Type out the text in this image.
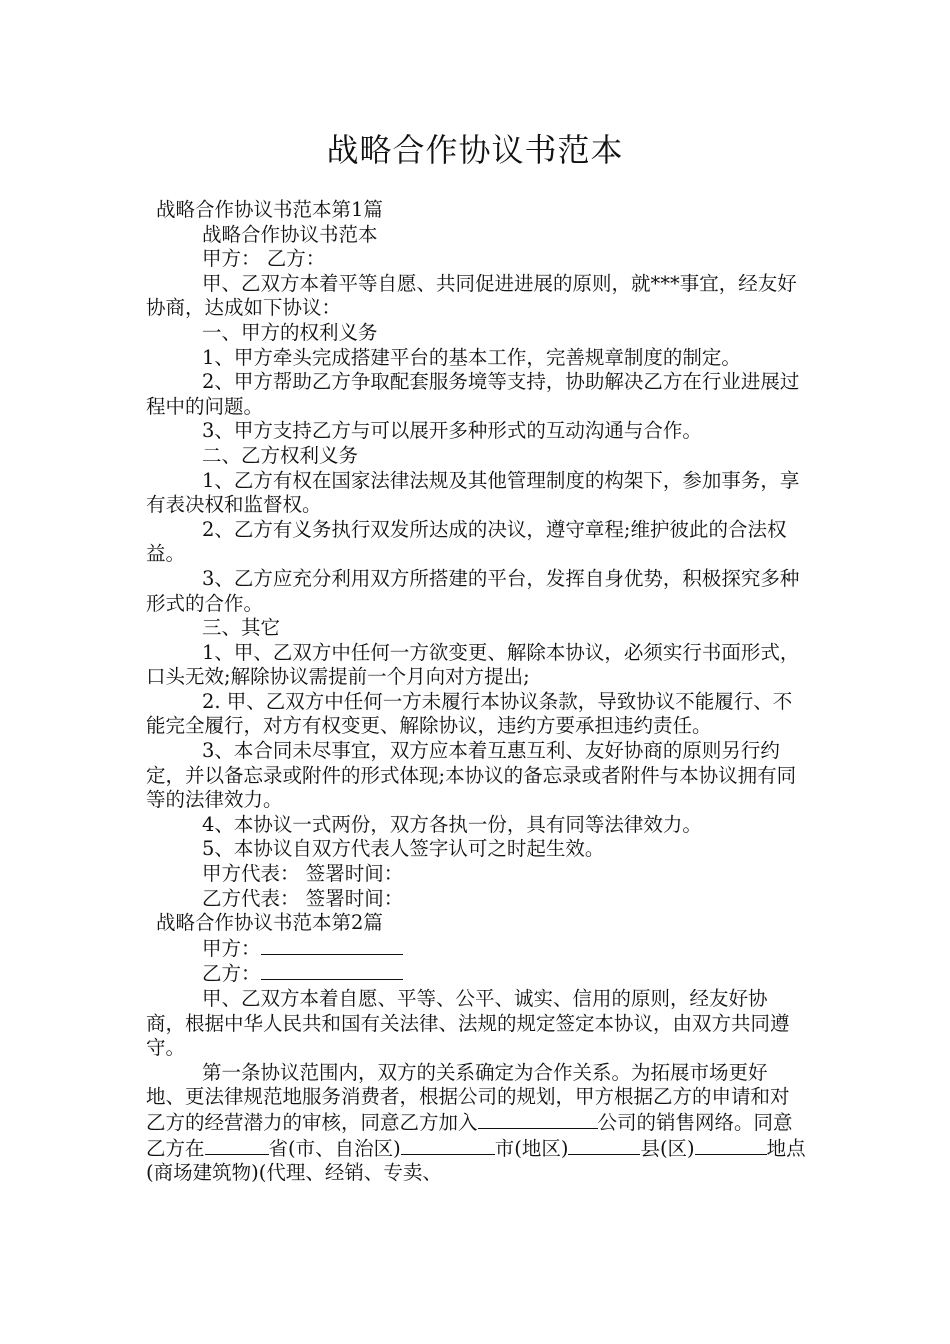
战略合作协议书范本

战略合作协议书范本第1篇

战略合作协议书范本

甲方： 乙方：

甲、乙双方本着平等自愿、共同促进进展的原则，就***事宜，经友好协商，达成如下协议：

一、甲方的权利义务

1、甲方牵头完成搭建平台的基本工作，完善规章制度的制定。

2、甲方帮助乙方争取配套服务境等支持，协助解决乙方在行业进展过程中的问题。

3、甲方支持乙方与可以展开多种形式的互动沟通与合作。

二、乙方权利义务

1、乙方有权在国家法律法规及其他管理制度的构架下，参加事务，享有表决权和监督权。

2、乙方有义务执行双发所达成的决议，遵守章程;维护彼此的合法权益。

3、乙方应充分利用双方所搭建的平台，发挥自身优势，积极探究多种形式的合作。

三、其它

1、甲、乙双方中任何一方欲变更、解除本协议，必须实行书面形式，口头无效;解除协议需提前一个月向对方提出;

2. 甲、乙双方中任何一方未履行本协议条款，导致协议不能履行、不能完全履行，对方有权变更、解除协议，违约方要承担违约责任。

3、本合同未尽事宜，双方应本着互惠互利、友好协商的原则另行约定，并以备忘录或附件的形式体现;本协议的备忘录或者附件与本协议拥有同等的法律效力。

4、本协议一式两份，双方各执一份，具有同等法律效力。

5、本协议自双方代表人签字认可之时起生效。

甲方代表： 签署时间：

乙方代表： 签署时间：

战略合作协议书范本第2篇

甲方：

乙方：

甲、乙双方本着自愿、平等、公平、诚实、信用的原则，经友好协商，根据中华人民共和国有关法律、法规的规定签定本协议，由双方共同遵守。

第一条协议范围内，双方的关系确定为合作关系。为拓展市场更好地、更法律规范地服务消费者，根据公司的规划，甲方根据乙方的申请和对乙方的经营潜力的审核，同意乙方加入	公司的销售网络。同意乙方在	省(市、自治区)	市(地区)	县(区)	地点(商场建筑物)(代理、经销、专卖、
